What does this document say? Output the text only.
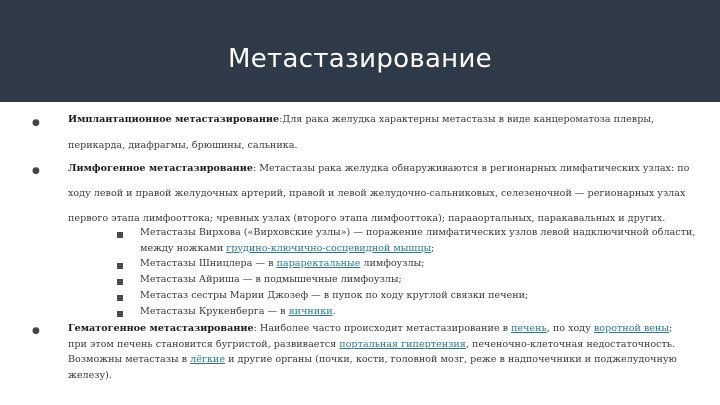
Метастазирование
●	Имплантационное метастазирование:Для рака желудка характерны метастазы в виде канцероматоза плевры, перикарда, диафрагмы, брюшины, сальника.
●	Лимфогенное метастазирование: Метастазы рака желудка обнаруживаются в регионарных лимфатических узлах: по ходу левой и правой желудочных артерий, правой и левой желудочно-сальниковых, селезеночной — регионарных узлах первого этапа лимфооттока; чревных узлах (второго этапа лимфооттока); парааортальных, паракавальных и других.
Метастазы Вирхова («Вирховские узлы») — поражение лимфатических узлов левой надключичной области, между ножками грудино-ключично-сосцевидной мышцы;
Метастазы Шницлера — в параректальные лимфоузлы;
Метастазы Айриша — в подмышечные лимфоузлы;
Метастаз сестры Марии Джозеф — в пупок по ходу круглой связки печени;
Метастазы Крукенберга — в яичники.
●	Гематогенное метастазирование: Наиболее часто происходит метастазирование в печень, по ходу воротной вены; при этом печень становится бугристой, развивается портальная гипертензия, печеночно-клеточная недостаточность. Возможны метастазы в лёгкие и другие органы (почки, кости, головной мозг, реже в надпочечники и поджелудочную железу).
